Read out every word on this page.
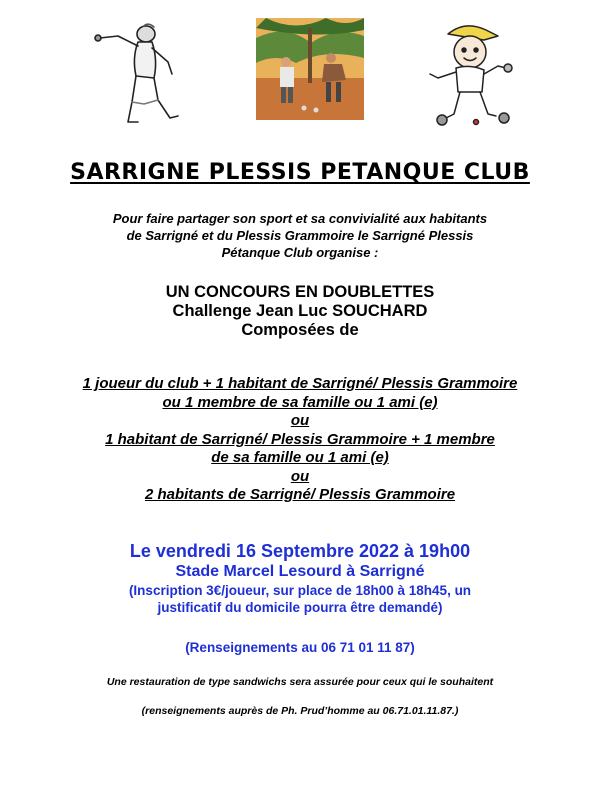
SARRIGNE PLESSIS PETANQUE CLUB
Pour faire partager son sport et sa convivialité aux habitants
de Sarrigné et du Plessis Grammoire le Sarrigné Plessis
Pétanque Club organise :
UN CONCOURS EN DOUBLETTES
Challenge Jean Luc SOUCHARD
Composées de
1 joueur du club + 1 habitant de Sarrigné/ Plessis Grammoire
ou 1 membre de sa famille ou 1 ami (e)
ou
1 habitant de Sarrigné/ Plessis Grammoire + 1 membre
de sa famille ou 1 ami (e)
ou
2 habitants de Sarrigné/ Plessis Grammoire
Le vendredi 16 Septembre 2022 à 19h00
Stade Marcel Lesourd à Sarrigné
(Inscription 3€/joueur, sur place de 18h00 à 18h45, un
justificatif du domicile pourra être demandé)
(Renseignements au 06 71 01 11 87)
Une restauration de type sandwichs sera assurée pour ceux qui le souhaitent
(renseignements auprès de Ph. Prud’homme au 06.71.01.11.87.)
